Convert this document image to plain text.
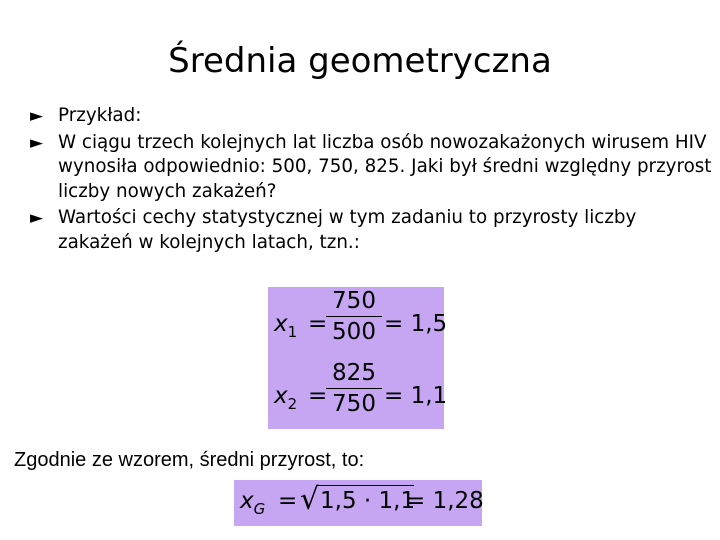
Średnia geometryczna
► Przykład:
► W ciągu trzech kolejnych lat liczba osób nowozakażonych wirusem HIV wynosiła odpowiednio: 500, 750, 825. Jaki był średni względny przyrost liczby nowych zakażeń?
► Wartości cechy statystycznej w tym zadaniu to przyrosty liczby zakażeń w kolejnych latach, tzn.:
$x_1$ =
$\frac{750}{500} = 1,5$
$x_2$ =
$\frac{825}{750} = 1,1$
Zgodnie ze wzorem, średni przyrost, to:
$x_G$ = √ 1,5 · 1,1
= 1,28
